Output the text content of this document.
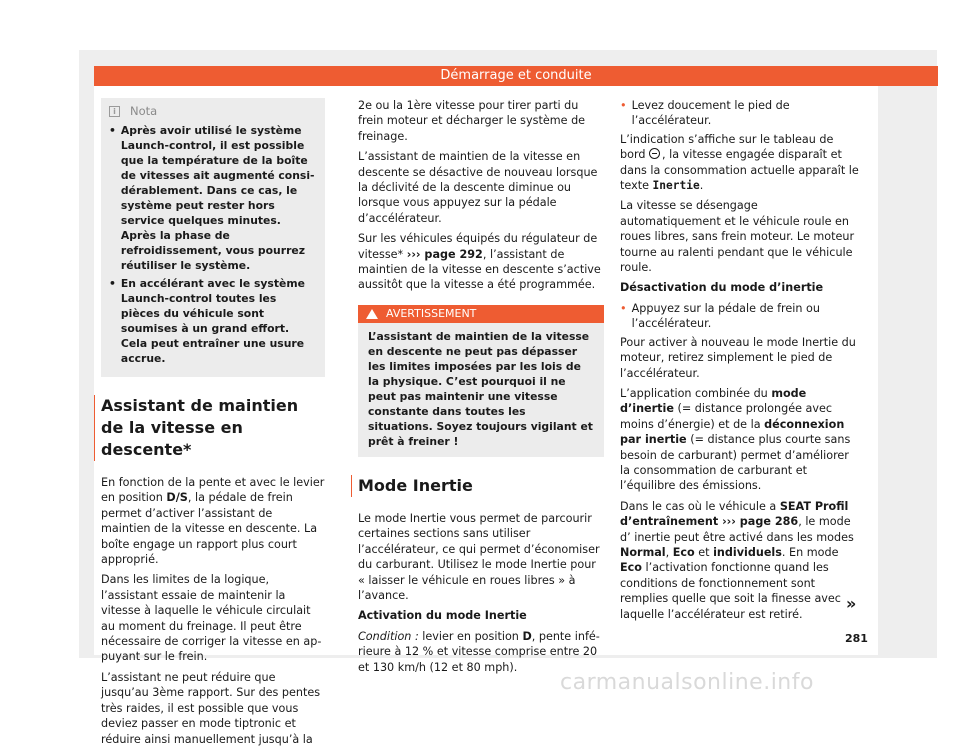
Démarrage et conduite
i	Nota
• Après avoir utilisé le système Launch-control, il est possible que la température de la boîte de vitesses ait augmenté considérablement. Dans ce cas, le système peut rester hors service quelques minutes. Après la phase de refroidissement, vous pourrez réutiliser le système.
• En accélérant avec le système Launch-control toutes les pièces du véhicule sont soumises à un grand effort. Cela peut entraîner une usure accrue.
Assistant de maintien de la vitesse en descente*

En fonction de la pente et avec le levier en position D/S, la pédale de frein permet d’activer l’assistant de maintien de la vitesse en descente. La boîte engage un rapport plus court approprié.

Dans les limites de la logique, l’assistant essaie de maintenir la vitesse à laquelle le véhicule circulait au moment du freinage. Il peut être nécessaire de corriger la vitesse en appuyant sur le frein.

L’assistant ne peut réduire que jusqu’au 3ème rapport. Sur des pentes très raides, il est possible que vous deviez passer en mode tiptronic et réduire ainsi manuellement jusqu’à la

2e ou la 1ère vitesse pour tirer parti du frein moteur et décharger le système de freinage.

L’assistant de maintien de la vitesse en descente se désactive de nouveau lorsque la déclivité de la descente diminue ou lorsque vous appuyez sur la pédale d’accélérateur.

Sur les véhicules équipés du régulateur de vitesse* ››› page 292, l’assistant de maintien de la vitesse en descente s’active aussitôt que la vitesse a été programmée.

AVERTISSEMENT
L’assistant de maintien de la vitesse en descente ne peut pas dépasser les limites imposées par les lois de la physique. C’est pourquoi il ne peut pas maintenir une vitesse constante dans toutes les situations. Soyez toujours vigilant et prêt à freiner !
Mode Inertie

Le mode Inertie vous permet de parcourir certaines sections sans utiliser l’accélérateur, ce qui permet d’économiser du carburant. Utilisez le mode Inertie pour « laisser le véhicule en roues libres » à l’avance.

Activation du mode Inertie

Condition : levier en position D, pente inférieure à 12 % et vitesse comprise entre 20 et 130 km/h (12 et 80 mph).

• Levez doucement le pied de l’accélérateur.

L’indication s’affiche sur le tableau de bord , la vitesse engagée disparaît et dans la consommation actuelle apparaît le texte Inertie.

La vitesse se désengage automatiquement et le véhicule roule en roues libres, sans frein moteur. Le moteur tourne au ralenti pendant que le véhicule roule.

Désactivation du mode d’inertie

• Appuyez sur la pédale de frein ou l’accélérateur.

Pour activer à nouveau le mode Inertie du moteur, retirez simplement le pied de l’accélérateur.

L’application combinée du mode d’inertie (= distance prolongée avec moins d’énergie) et de la déconnexion par inertie (= distance plus courte sans besoin de carburant) permet d’améliorer la consommation de carburant et l’équilibre des émissions.

Dans le cas où le véhicule a SEAT Profil d’entraînement ››› page 286, le mode d’ inertie peut être activé dans les modes Normal, Eco et individuels. En mode Eco l’activation fonctionne quand les conditions de fonctionnement sont remplies quelle que soit la finesse avec laquelle l’accélérateur est retiré.

»
281
carmanualsonline.info
